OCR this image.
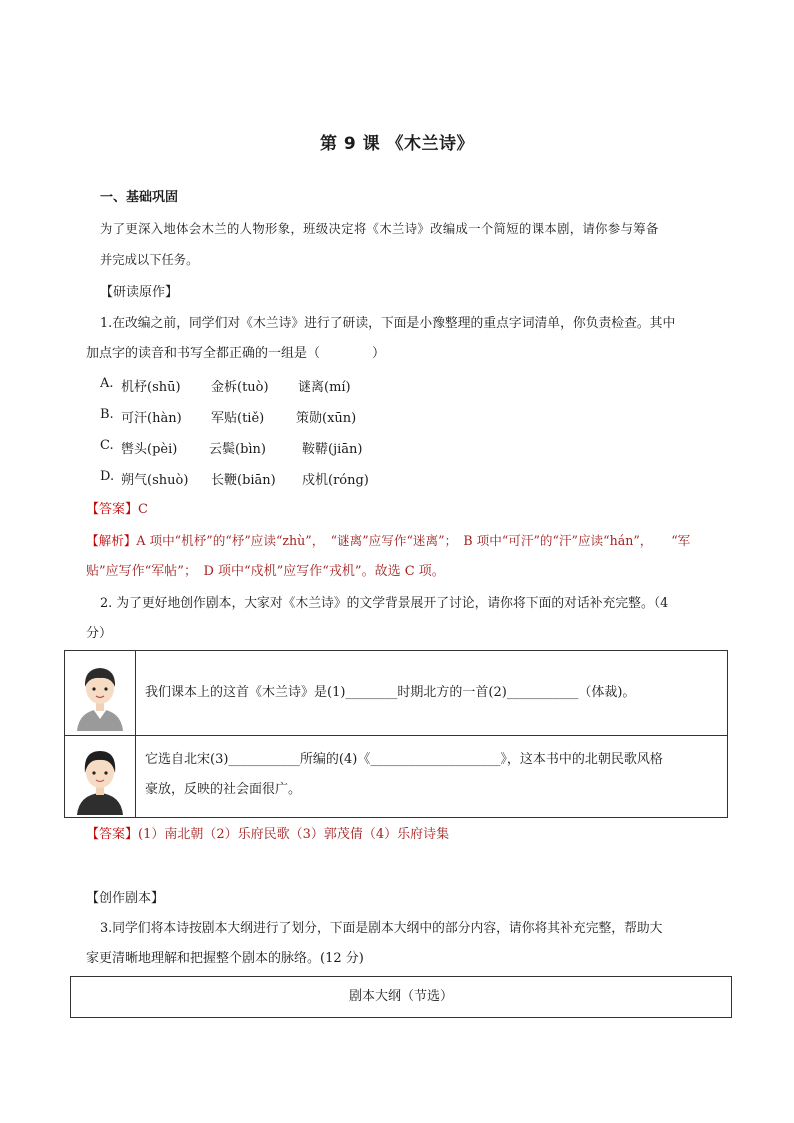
第 9 课 《木兰诗》
一、基础巩固
为了更深入地体会木兰的人物形象，班级决定将《木兰诗》改编成一个简短的课本剧，请你参与筹备
并完成以下任务。
【研读原作】
1.在改编之前，同学们对《木兰诗》进行了研读，下面是小豫整理的重点字词清单，你负责检查。其中
加点字的读音和书写全都正确的一组是（　　　　）
A. 机杼(shū) 金柝(tuò) 谜离(mí)
B. 可汗(hàn) 军贴(tiě) 策勋(xūn)
C. 辔头(pèi) 云鬓(bìn)	鞍鞯(jiān)
D. 朔气(shuò) 长鞭(biān) 戍机(róng)
【答案】C
【解析】A 项中“机杼”的“杼”应读“zhù”，　“谜离”应写作“迷离”；　B 项中“可汗”的“汗”应读“hán”，　　“军
贴”应写作“军帖”；　D 项中“戍机”应写作“戎机”。故选 C 项。
2. 为了更好地创作剧本，大家对《木兰诗》的文学背景展开了讨论，请你将下面的对话补充完整。（4
分）
我们课本上的这首《木兰诗》是(1)________时期北方的一首(2)___________（体裁)。
它选自北宋(3)___________所编的(4)《____________________》，这本书中的北朝民歌风格
豪放，反映的社会面很广。
【答案】(1）南北朝（2）乐府民歌（3）郭茂倩（4）乐府诗集
【创作剧本】
3.同学们将本诗按剧本大纲进行了划分，下面是剧本大纲中的部分内容，请你将其补充完整，帮助大
家更清晰地理解和把握整个剧本的脉络。(12 分)
剧本大纲（节选）
